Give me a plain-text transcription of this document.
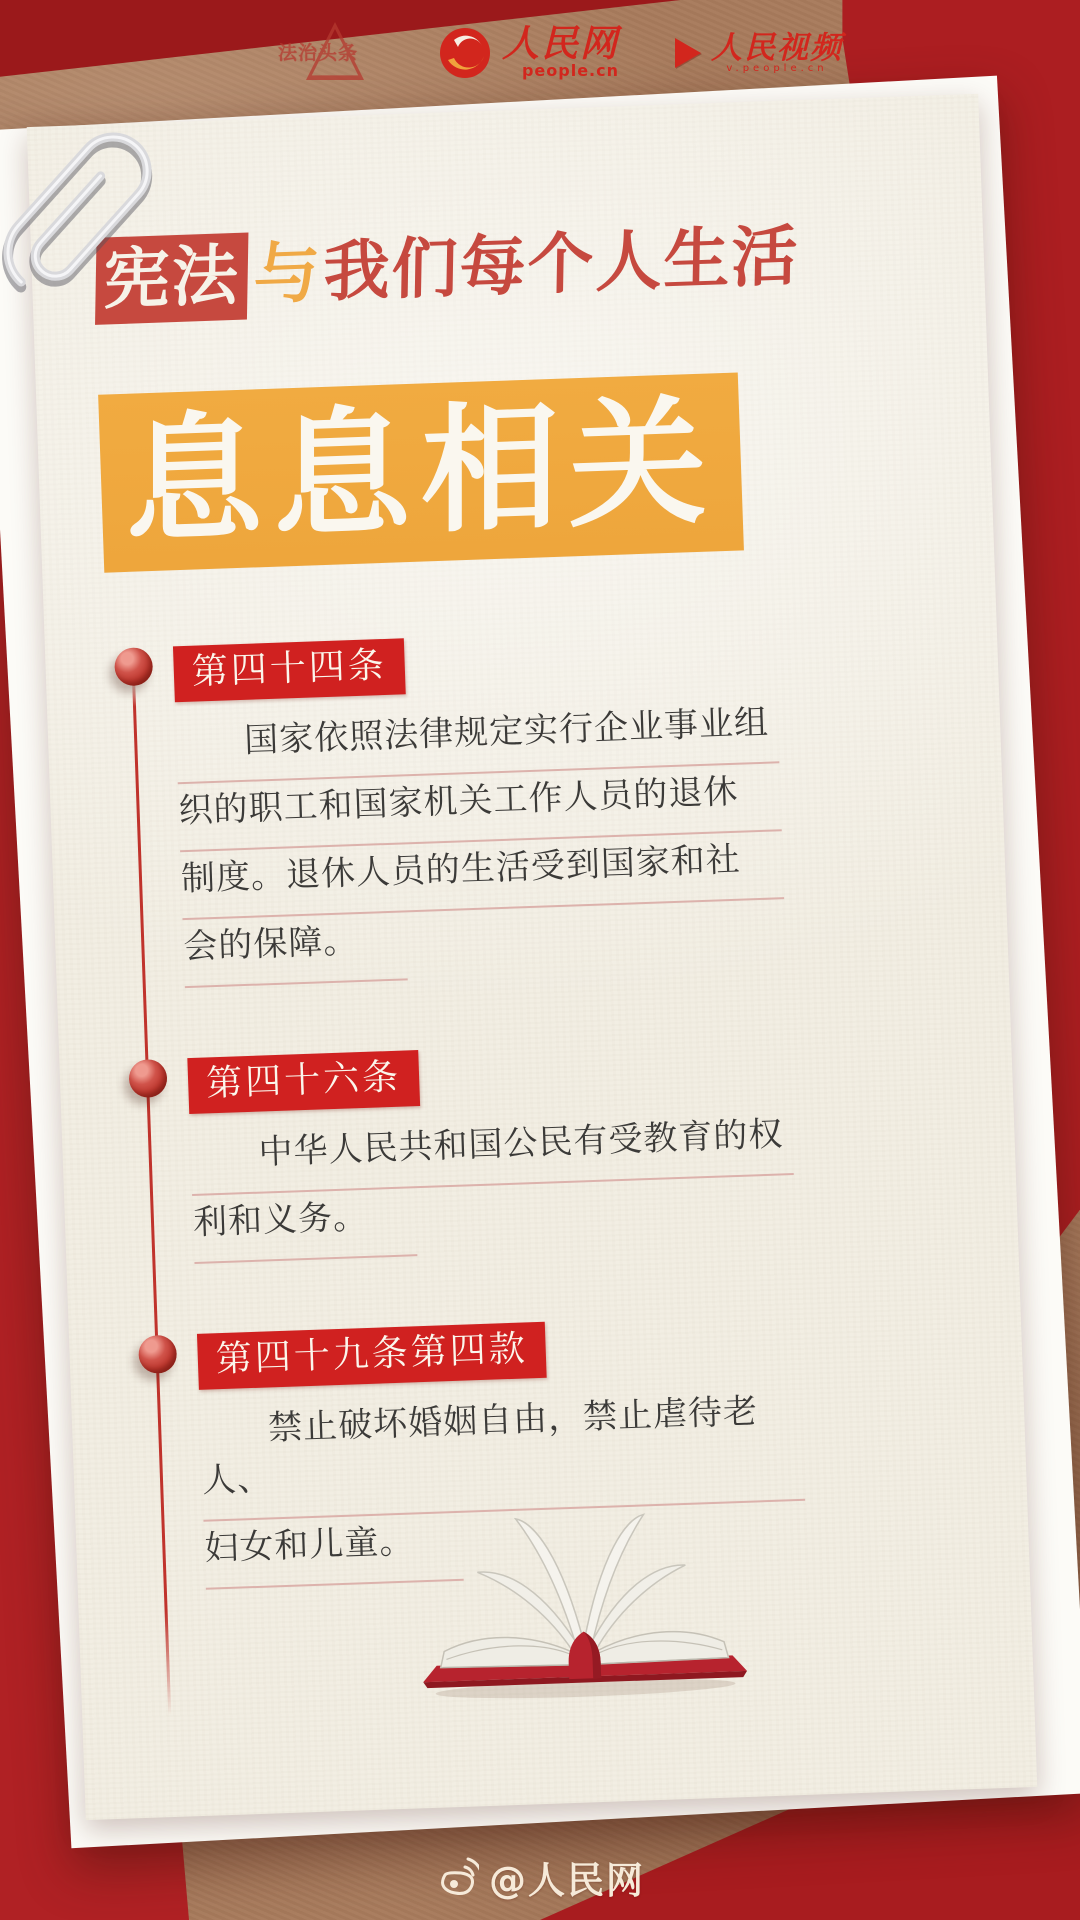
法治头条	人民网
people.cn
人民视频
v.people.cn
宪法 与我们每个人生活
息息相关
第四十四条
国家依照法律规定实行企业事业组
织的职工和国家机关工作人员的退休
制度。退休人员的生活受到国家和社
会的保障。
第四十六条
中华人民共和国公民有受教育的权
利和义务。
第四十九条第四款
禁止破坏婚姻自由，禁止虐待老人、
妇女和儿童。
@人民网
